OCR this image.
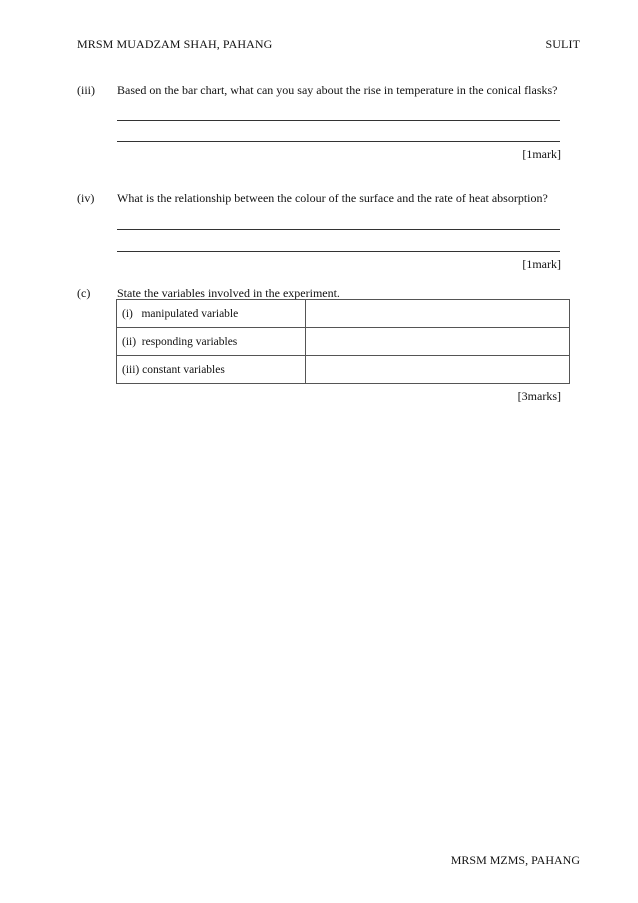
MRSM MUADZAM SHAH, PAHANG	SULIT
(iii) Based on the bar chart, what can you say about the rise in temperature in the conical flasks?
[1mark]
(iv) What is the relationship between the colour of the surface and the rate of heat absorption?
[1mark]
(c) State the variables involved in the experiment.
(i)   manipulated variable	
(ii)  responding variables	
(iii) constant variables	
[3marks]
MRSM MZMS, PAHANG
